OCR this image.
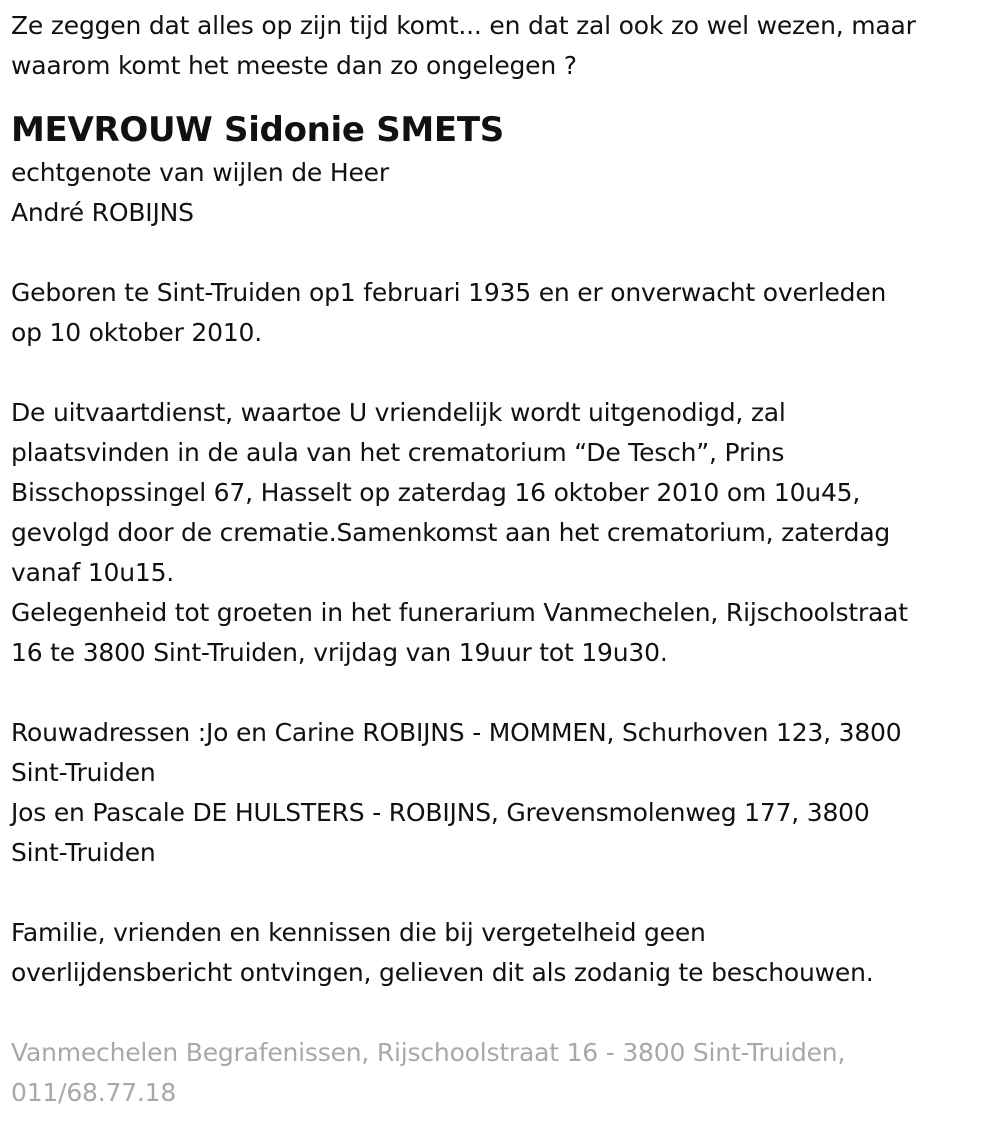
Ze zeggen dat alles op zijn tijd komt... en dat zal ook zo wel wezen, maar
waarom komt het meeste dan zo ongelegen ?
MEVROUW Sidonie SMETS
echtgenote van wijlen de Heer
André ROBIJNS
Geboren te Sint-Truiden op1 februari 1935 en er onverwacht overleden
op 10 oktober 2010.
De uitvaartdienst, waartoe U vriendelijk wordt uitgenodigd, zal
plaatsvinden in de aula van het crematorium “De Tesch”, Prins
Bisschopssingel 67, Hasselt op zaterdag 16 oktober 2010 om 10u45,
gevolgd door de crematie.Samenkomst aan het crematorium, zaterdag
vanaf 10u15.
Gelegenheid tot groeten in het funerarium Vanmechelen, Rijschoolstraat
16 te 3800 Sint-Truiden, vrijdag van 19uur tot 19u30.
Rouwadressen :Jo en Carine ROBIJNS - MOMMEN, Schurhoven 123, 3800
Sint-Truiden
Jos en Pascale DE HULSTERS - ROBIJNS, Grevensmolenweg 177, 3800
Sint-Truiden
Familie, vrienden en kennissen die bij vergetelheid geen
overlijdensbericht ontvingen, gelieven dit als zodanig te beschouwen.
Vanmechelen Begrafenissen, Rijschoolstraat 16 - 3800 Sint-Truiden,
011/68.77.18
